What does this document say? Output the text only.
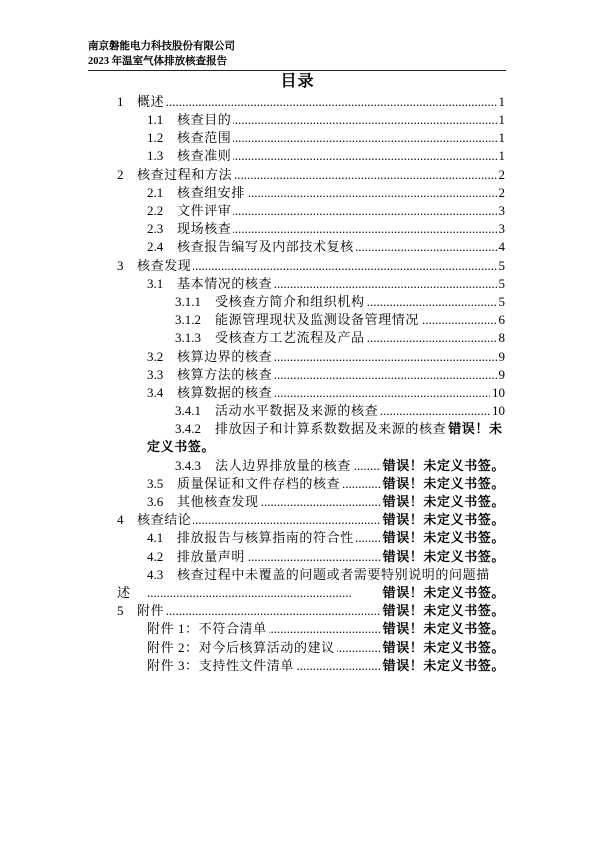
南京磐能电力科技股份有限公司
2023 年温室气体排放核查报告
目录
1 概述	1
.....
1.1 核查目的	1
.....
1.2 核查范围	1
.....
1.3 核查准则	1
.....
2 核查过程和方法	2
.....
2.1 核查组安排	2
.....
2.2 文件评审	3
.....
2.3 现场核查	3
.....
2.4 核查报告编写及内部技术复核	4
.....
3 核查发现	5
.....
3.1 基本情况的核查	5
.....
3.1.1 受核查方简介和组织机构	5
.....
3.1.2 能源管理现状及监测设备管理情况	6
.....
3.1.3 受核查方工艺流程及产品	8
.....
3.2 核算边界的核查	9
.....
3.3 核算方法的核查	9
.....
3.4 核算数据的核查	10
.....
3.4.1 活动水平数据及来源的核查	10
.....
3.4.2 排放因子和计算系数数据及来源的核查 错误！未定义书签。
3.4.3 法人边界排放量的核查 错误！未定义书签。
.....
3.5 质量保证和文件存档的核查	错误！未定义书签。
.....
3.6 其他核查发现	错误！未定义书签。
.....
4 核查结论	错误！未定义书签。
.....
4.1 排放报告与核算指南的符合性 错误！未定义书签。
.....
4.2 排放量声明	错误！未定义书签。
.....
4.3 核查过程中未覆盖的问题或者需要特别说明的问题描述	错误！未定义书签。
.....
5 附件	错误！未定义书签。
.....
附件 1：不符合清单	错误！未定义书签。
.....
附件 2：对今后核算活动的建议	错误！未定义书签。
.....
附件 3：支持性文件清单	错误！未定义书签。
.....
